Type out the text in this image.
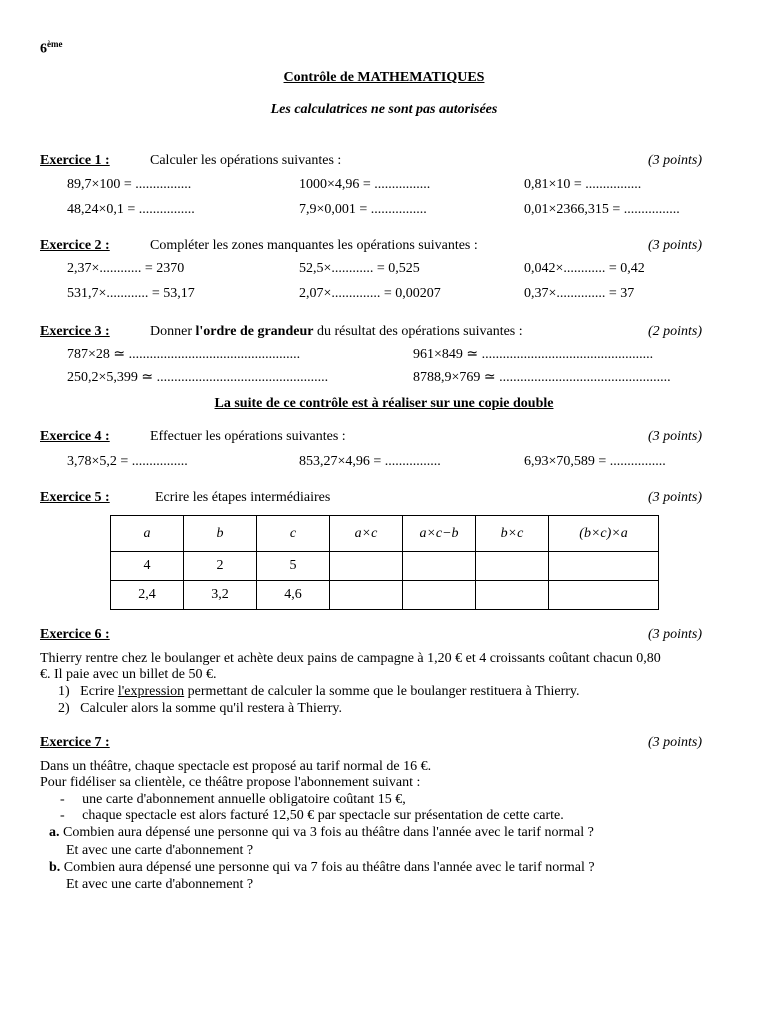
6ème
Contrôle de MATHEMATIQUES
Les calculatrices ne sont pas autorisées
Exercice 1 :	Calculer les opérations suivantes :	(3 points)
89,7×100 = ................	1000×4,96 = ................	0,81×10 = ................
48,24×0,1 = ................	7,9×0,001 = ................	0,01×2366,315 = ................
Exercice 2 :	Compléter les zones manquantes les opérations suivantes :	(3 points)
2,37×............ = 2370	52,5×............ = 0,525	0,042×............ = 0,42
531,7×............ = 53,17	2,07×.............. = 0,00207	0,37×.............. = 37
Exercice 3 :	Donner l'ordre de grandeur du résultat des opérations suivantes :	(2 points)
787×28 ≃ .................................................	961×849 ≃ .................................................
250,2×5,399 ≃ .................................................	8788,9×769 ≃ .................................................
La suite de ce contrôle est à réaliser sur une copie double
Exercice 4 :	Effectuer les opérations suivantes :	(3 points)
3,78×5,2 = ................	853,27×4,96 = ................	6,93×70,589 = ................
Exercice 5 :	Ecrire les étapes intermédiaires	(3 points)
a	b	c	a×c	a×c−b	b×c	(b×c)×a
4	2	5				
2,4	3,2	4,6				
Exercice 6 :	(3 points)
Thierry rentre chez le boulanger et achète deux pains de campagne à 1,20 € et 4 croissants coûtant chacun 0,80
€. Il paie avec un billet de 50 €.
1) Ecrire l'expression permettant de calculer la somme que le boulanger restituera à Thierry.
2) Calculer alors la somme qu'il restera à Thierry.
Exercice 7 :	(3 points)
Dans un théâtre, chaque spectacle est proposé au tarif normal de 16 €.
Pour fidéliser sa clientèle, ce théâtre propose l'abonnement suivant :
-     une carte d'abonnement annuelle obligatoire coûtant 15 €,
-     chaque spectacle est alors facturé 12,50 € par spectacle sur présentation de cette carte.
a. Combien aura dépensé une personne qui va 3 fois au théâtre dans l'année avec le tarif normal ?
Et avec une carte d'abonnement ?
b. Combien aura dépensé une personne qui va 7 fois au théâtre dans l'année avec le tarif normal ?
Et avec une carte d'abonnement ?
